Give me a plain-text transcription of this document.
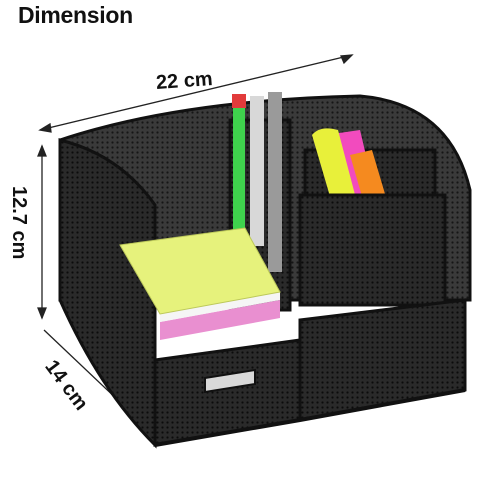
Dimension
22 cm
12.7 cm
14 cm
